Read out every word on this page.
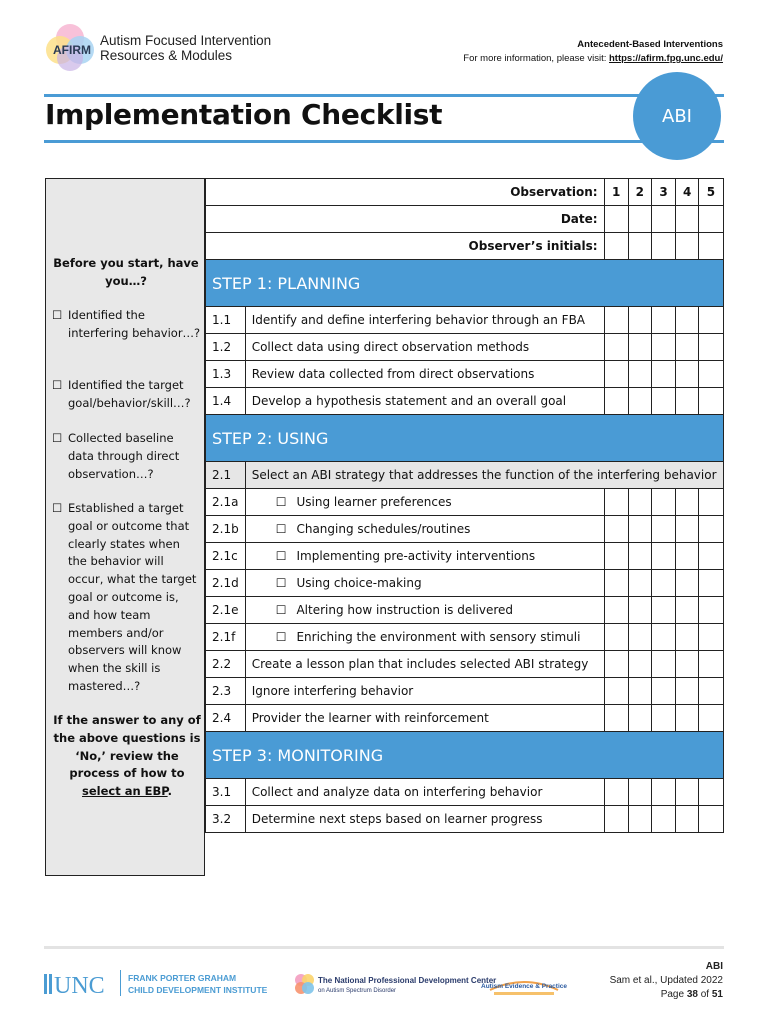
AFIRM
Autism Focused Intervention
Resources & Modules
Antecedent-Based Interventions
For more information, please visit: https://afirm.fpg.unc.edu/
Implementation Checklist	ABI
Before you start, have you…?
☐ Identified the interfering behavior…?
☐ Identified the target goal/behavior/skill…?
☐ Collected baseline data through direct observation…?
☐ Established a target goal or outcome that clearly states when the behavior will occur, what the target goal or outcome is, and how team members and/or observers will know when the skill is mastered…?
If the answer to any of the above questions is ‘No,’ review the process of how to select an EBP.
Observation:		1	2	3	4	5
Date:						
Observer’s initials:						
STEP 1: PLANNING						
1.1	Identify and define interfering behavior through an FBA					
1.2	Collect data using direct observation methods					
1.3	Review data collected from direct observations					
1.4	Develop a hypothesis statement and an overall goal					
STEP 2: USING						
2.1	Select an ABI strategy that addresses the function of the interfering behavior					
2.1a	☐ Using learner preferences					
2.1b	☐ Changing schedules/routines					
2.1c	☐ Implementing pre-activity interventions					
2.1d	☐ Using choice-making					
2.1e	☐ Altering how instruction is delivered					
2.1f	☐ Enriching the environment with sensory stimuli					
2.2	Create a lesson plan that includes selected ABI strategy					
2.3	Ignore interfering behavior					
2.4	Provider the learner with reinforcement					
STEP 3: MONITORING						
3.1	Collect and analyze data on interfering behavior					
3.2	Determine next steps based on learner progress					
UNC	FRANK PORTER GRAHAM
CHILD DEVELOPMENT INSTITUTE
The National Professional Development Center
on Autism Spectrum Disorder
Autism Evidence & Practice
ABI
Sam et al., Updated 2022
Page 38 of 51
